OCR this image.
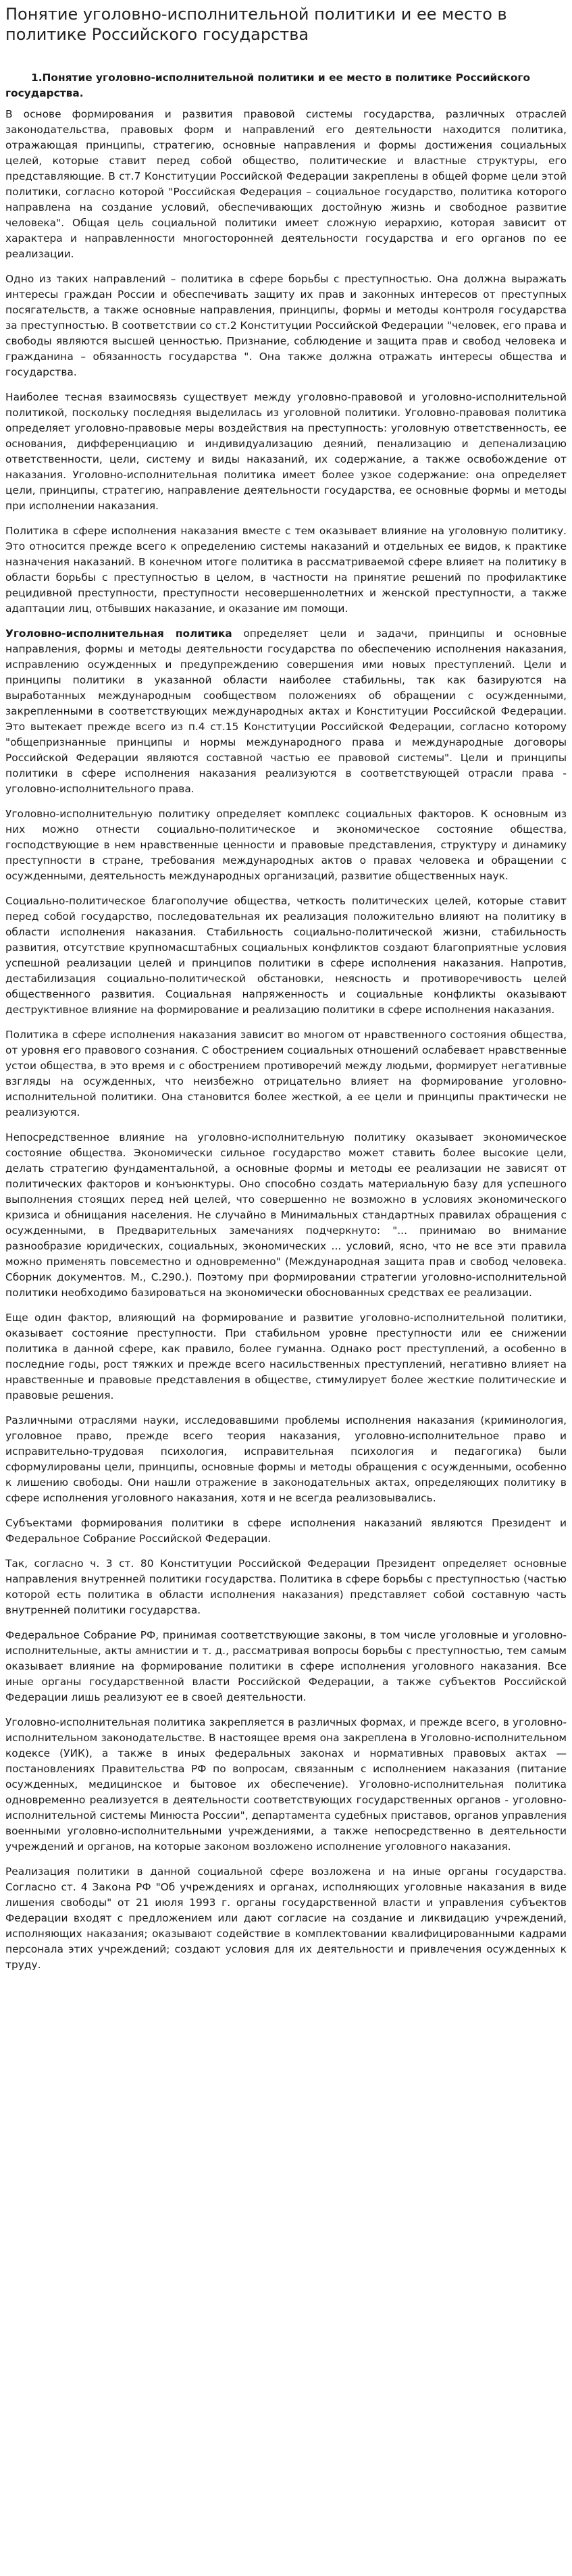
Понятие уголовно-исполнительной политики и ее место в политике Российского государства
1.Понятие уголовно-исполнительной политики и ее место в политике Российского государства.

В основе формирования и развития правовой системы государства, различных отраслей законодательства, правовых форм и направлений его деятельности находится политика, отражающая принципы, стратегию, основные направления и формы достижения социальных целей, которые ставит перед собой общество, политические и властные структуры, его представляющие. В ст.7 Конституции Российской Федерации закреплены в общей форме цели этой политики, согласно которой "Российская Федерация – социальное государство, политика которого направлена на создание условий, обеспечивающих достойную жизнь и свободное развитие человека". Общая цель социальной политики имеет сложную иерархию, которая зависит от характера и направленности многосторонней деятельности государства и его органов по ее реализации.

Одно из таких направлений – политика в сфере борьбы с преступностью. Она должна выражать интересы граждан России и обеспечивать защиту их прав и законных интересов от преступных посягательств, а также основные направления, принципы, формы и методы контроля государства за преступностью. В соответствии со ст.2 Конституции Российской Федерации "человек, его права и свободы являются высшей ценностью. Признание, соблюдение и защита прав и свобод человека и гражданина – обязанность государства ". Она также должна отражать интересы общества и государства.

Наиболее тесная взаимосвязь существует между уголовно-правовой и уголовно-исполнительной политикой, поскольку последняя выделилась из уголовной политики. Уголовно-правовая политика определяет уголовно-правовые меры воздействия на преступность: уголовную ответственность, ее основания, дифференциацию и индивидуализацию деяний, пенализацию и депенализацию ответственности, цели, систему и виды наказаний, их содержание, а также освобождение от наказания. Уголовно-исполнительная политика имеет более узкое содержание: она определяет цели, принципы, стратегию, направление деятельности государства, ее основные формы и методы при исполнении наказания.

Политика в сфере исполнения наказания вместе с тем оказывает влияние на уголовную политику. Это относится прежде всего к определению системы наказаний и отдельных ее видов, к практике назначения наказаний. В конечном итоге политика в рассматриваемой сфере влияет на политику в области борьбы с преступностью в целом, в частности на принятие решений по профилактике рецидивной преступности, преступности несовершеннолетних и женской преступности, а также адаптации лиц, отбывших наказание, и оказание им помощи.

Уголовно-исполнительная политика определяет цели и задачи, принципы и основные направления, формы и методы деятельности государства по обеспечению исполнения наказания, исправлению осужденных и предупреждению совершения ими новых преступлений. Цели и принципы политики в указанной области наиболее стабильны, так как базируются на выработанных международным сообществом положениях об обращении с осужденными, закрепленными в соответствующих международных актах и Конституции Российской Федерации. Это вытекает прежде всего из п.4 ст.15 Конституции Российской Федерации, согласно которому "общепризнанные принципы и нормы международного права и международные договоры Российской Федерации являются составной частью ее правовой системы". Цели и принципы политики в сфере исполнения наказания реализуются в соответствующей отрасли права - уголовно-исполнительного права.

Уголовно-исполнительную политику определяет комплекс социальных факторов. К основным из них можно отнести социально-политическое и экономическое состояние общества, господствующие в нем нравственные ценности и правовые представления, структуру и динамику преступности в стране, требования международных актов о правах человека и обращении с осужденными, деятельность международных организаций, развитие общественных наук.

Социально-политическое благополучие общества, четкость политических целей, которые ставит перед собой государство, последовательная их реализация положительно влияют на политику в области исполнения наказания. Стабильность социально-политической жизни, стабильность развития, отсутствие крупномасштабных социальных конфликтов создают благоприятные условия успешной реализации целей и принципов политики в сфере исполнения наказания. Напротив, дестабилизация социально-политической обстановки, неясность и противоречивость целей общественного развития. Социальная напряженность и социальные конфликты оказывают деструктивное влияние на формирование и реализацию политики в сфере исполнения наказания.

Политика в сфере исполнения наказания зависит во многом от нравственного состояния общества, от уровня его правового сознания. С обострением социальных отношений ослабевает нравственные устои общества, в это время и с обострением противоречий между людьми, формирует негативные взгляды на осужденных, что неизбежно отрицательно влияет на формирование уголовно-исполнительной политики. Она становится более жесткой, а ее цели и принципы практически не реализуются.

Непосредственное влияние на уголовно-исполнительную политику оказывает экономическое состояние общества. Экономически сильное государство может ставить более высокие цели, делать стратегию фундаментальной, а основные формы и методы ее реализации не зависят от политических факторов и конъюнктуры. Оно способно создать материальную базу для успешного выполнения стоящих перед ней целей, что совершенно не возможно в условиях экономического кризиса и обнищания населения. Не случайно в Минимальных стандартных правилах обращения с осужденными, в Предварительных замечаниях подчеркнуто: "... принимаю во внимание разнообразие юридических, социальных, экономических ... условий, ясно, что не все эти правила можно применять повсеместно и одновременно" (Международная защита прав и свобод человека. Сборник документов. М., С.290.). Поэтому при формировании стратегии уголовно-исполнительной политики необходимо базироваться на экономически обоснованных средствах ее реализации.

Еще один фактор, влияющий на формирование и развитие уголовно-исполнительной политики, оказывает состояние преступности. При стабильном уровне преступности или ее снижении политика в данной сфере, как правило, более гуманна. Однако рост преступлений, а особенно в последние годы, рост тяжких и прежде всего насильственных преступлений, негативно влияет на нравственные и правовые представления в обществе, стимулирует более жесткие политические и правовые решения.

Различными отраслями науки, исследовавшими проблемы исполнения наказания (криминология, уголовное право, прежде всего теория наказания, уголовно-исполнительное право и исправительно-трудовая психология, исправительная психология и педагогика) были сформулированы цели, принципы, основные формы и методы обращения с осужденными, особенно к лишению свободы. Они нашли отражение в законодательных актах, определяющих политику в сфере исполнения уголовного наказания, хотя и не всегда реализовывались.

Субъектами формирования политики в сфере исполнения наказаний являются Президент и Федеральное Собрание Российской Федерации.

Так, согласно ч. 3 ст. 80 Конституции Российской Федерации Президент определяет основные направления внутренней политики государства. Политика в сфере борьбы с преступностью (частью которой есть политика в области исполнения наказания) представляет собой составную часть внутренней политики государства.

Федеральное Собрание РФ, принимая соответствующие законы, в том числе уголовные и уголовно-исполнительные, акты амнистии и т. д., рассматривая вопросы борьбы с преступностью, тем самым оказывает влияние на формирование политики в сфере исполнения уголовного наказания. Все иные органы государственной власти Российской Федерации, а также субъектов Российской Федерации лишь реализуют ее в своей деятельности.

Уголовно-исполнительная политика закрепляется в различных формах, и прежде всего, в уголовно-исполнительном законодательстве. В настоящее время она закреплена в Уголовно-исполнительном кодексе (УИК), а также в иных федеральных законах и нормативных правовых актах — постановлениях Правительства РФ по вопросам, связанным с исполнением наказания (питание осужденных, медицинское и бытовое их обеспечение). Уголовно-исполнительная политика одновременно реализуется в деятельности соответствующих государственных органов - уголовно-исполнительной системы Минюста России", департамента судебных приставов, органов управления военными уголовно-исполнительными учреждениями, а также непосредственно в деятельности учреждений и органов, на которые законом возложено исполнение уголовного наказания.

Реализация политики в данной социальной сфере возложена и на иные органы государства. Согласно ст. 4 Закона РФ "Об учреждениях и органах, исполняющих уголовные наказания в виде лишения свободы" от 21 июля 1993 г. органы государственной власти и управления субъектов Федерации входят с предложением или дают согласие на создание и ликвидацию учреждений, исполняющих наказания; оказывают содействие в комплектовании квалифицированными кадрами персонала этих учреждений; создают условия для их деятельности и привлечения осужденных к труду.
